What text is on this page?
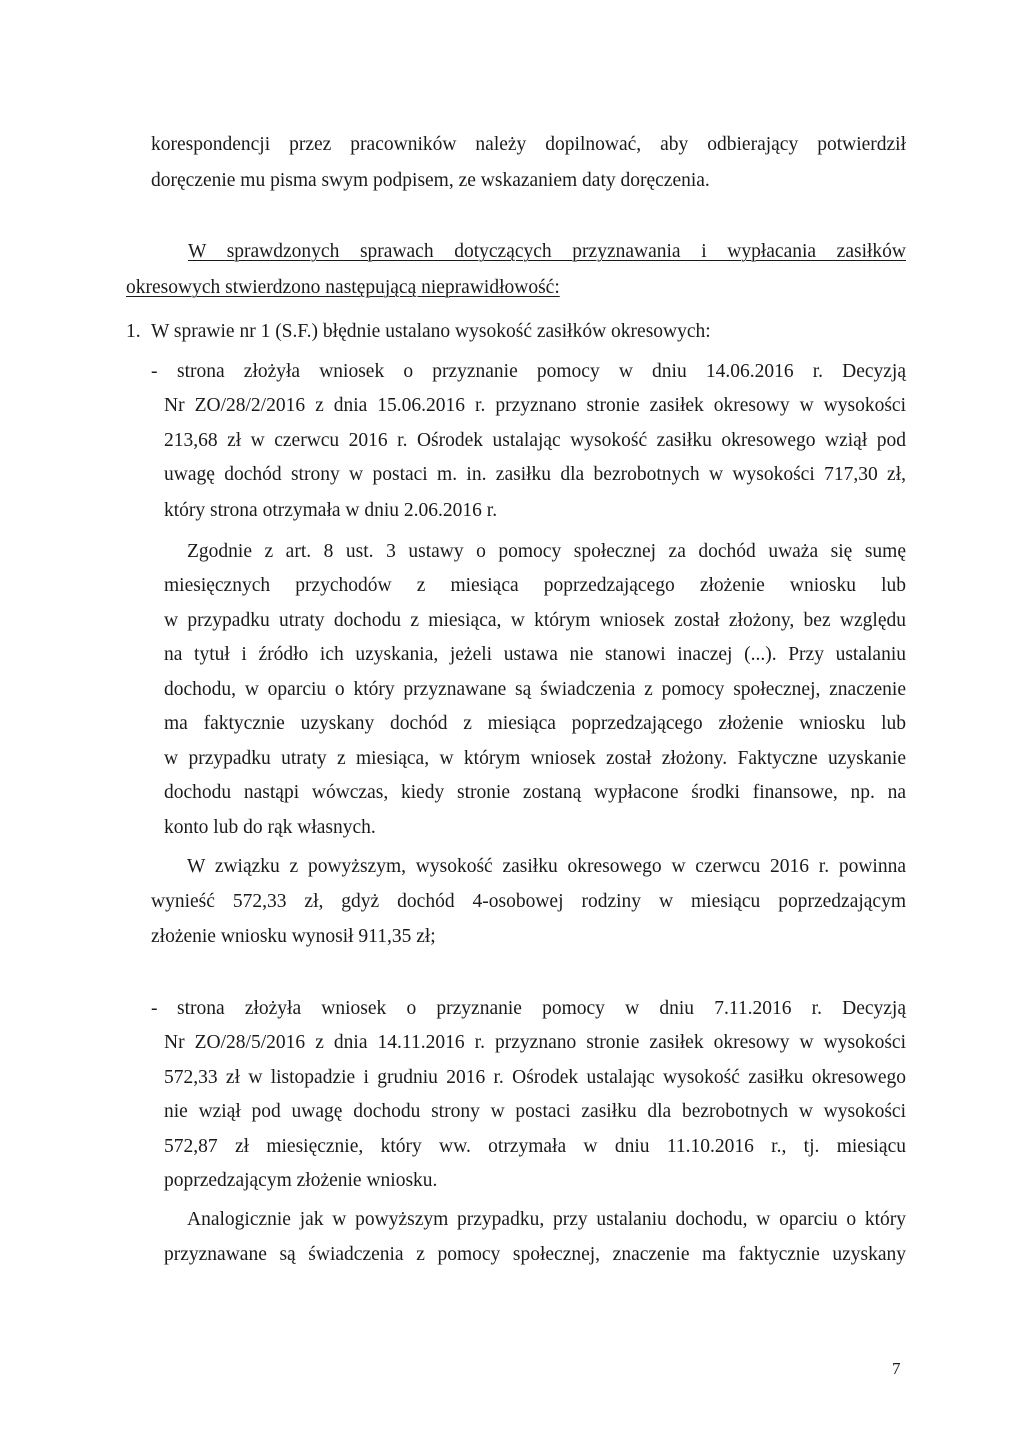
korespondencji przez pracowników należy dopilnować, aby odbierający potwierdził
doręczenie mu pisma swym podpisem, ze wskazaniem daty doręczenia.
W sprawdzonych sprawach dotyczących przyznawania i wypłacania zasiłków
okresowych stwierdzono następującą nieprawidłowość:
1. W sprawie nr 1 (S.F.) błędnie ustalano wysokość zasiłków okresowych:
- strona złożyła wniosek o przyznanie pomocy w dniu 14.06.2016 r. Decyzją
Nr ZO/28/2/2016 z dnia 15.06.2016 r. przyznano stronie zasiłek okresowy w wysokości
213,68 zł w czerwcu 2016 r. Ośrodek ustalając wysokość zasiłku okresowego wziął pod
uwagę dochód strony w postaci m. in. zasiłku dla bezrobotnych w wysokości 717,30 zł,
który strona otrzymała w dniu 2.06.2016 r.
Zgodnie z art. 8 ust. 3 ustawy o pomocy społecznej za dochód uważa się sumę
miesięcznych przychodów z miesiąca poprzedzającego złożenie wniosku lub
w przypadku utraty dochodu z miesiąca, w którym wniosek został złożony, bez względu
na tytuł i źródło ich uzyskania, jeżeli ustawa nie stanowi inaczej (...). Przy ustalaniu
dochodu, w oparciu o który przyznawane są świadczenia z pomocy społecznej, znaczenie
ma faktycznie uzyskany dochód z miesiąca poprzedzającego złożenie wniosku lub
w przypadku utraty z miesiąca, w którym wniosek został złożony. Faktyczne uzyskanie
dochodu nastąpi wówczas, kiedy stronie zostaną wypłacone środki finansowe, np. na
konto lub do rąk własnych.
W związku z powyższym, wysokość zasiłku okresowego w czerwcu 2016 r. powinna
wynieść 572,33 zł, gdyż dochód 4-osobowej rodziny w miesiącu poprzedzającym
złożenie wniosku wynosił 911,35 zł;
- strona złożyła wniosek o przyznanie pomocy w dniu 7.11.2016 r. Decyzją
Nr ZO/28/5/2016 z dnia 14.11.2016 r. przyznano stronie zasiłek okresowy w wysokości
572,33 zł w listopadzie i grudniu 2016 r. Ośrodek ustalając wysokość zasiłku okresowego
nie wziął pod uwagę dochodu strony w postaci zasiłku dla bezrobotnych w wysokości
572,87 zł miesięcznie, który ww. otrzymała w dniu 11.10.2016 r., tj. miesiącu
poprzedzającym złożenie wniosku.
Analogicznie jak w powyższym przypadku, przy ustalaniu dochodu, w oparciu o który
przyznawane są świadczenia z pomocy społecznej, znaczenie ma faktycznie uzyskany
7
